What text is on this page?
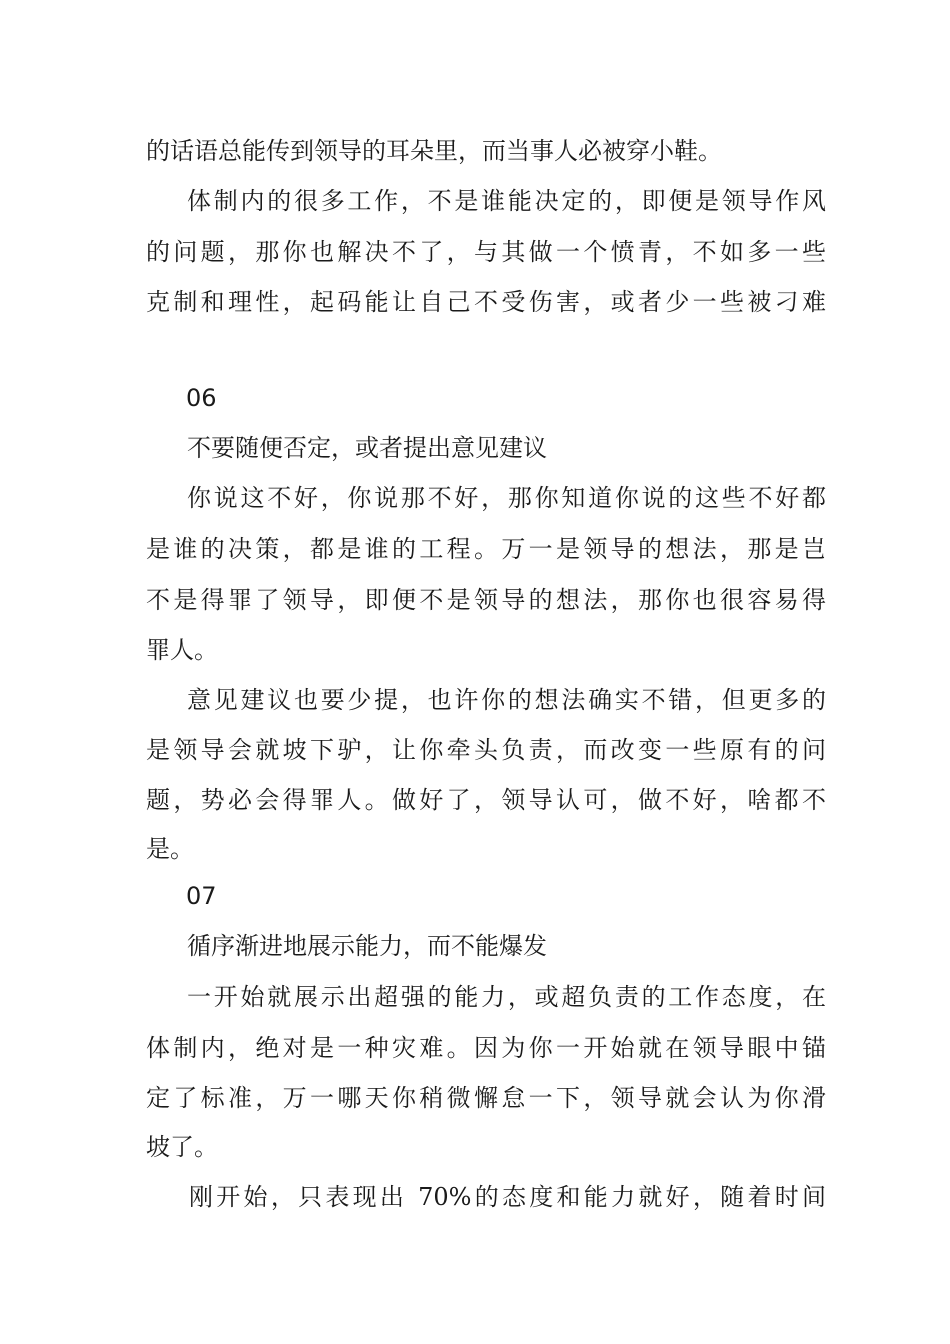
的话语总能传到领导的耳朵里，而当事人必被穿小鞋。
体制内的很多工作，不是谁能决定的，即便是领导作风
的问题，那你也解决不了，与其做一个愤青，不如多一些
克制和理性，起码能让自己不受伤害，或者少一些被刁难
06
不要随便否定，或者提出意见建议
你说这不好，你说那不好，那你知道你说的这些不好都
是谁的决策，都是谁的工程。万一是领导的想法，那是岂
不是得罪了领导，即便不是领导的想法，那你也很容易得
罪人。
意见建议也要少提，也许你的想法确实不错，但更多的
是领导会就坡下驴，让你牵头负责，而改变一些原有的问
题，势必会得罪人。做好了，领导认可，做不好，啥都不
是。
07
循序渐进地展示能力，而不能爆发
一开始就展示出超强的能力，或超负责的工作态度，在
体制内，绝对是一种灾难。因为你一开始就在领导眼中锚
定了标准，万一哪天你稍微懈怠一下，领导就会认为你滑
坡了。
刚开始，只表现出 70%的态度和能力就好，随着时间
